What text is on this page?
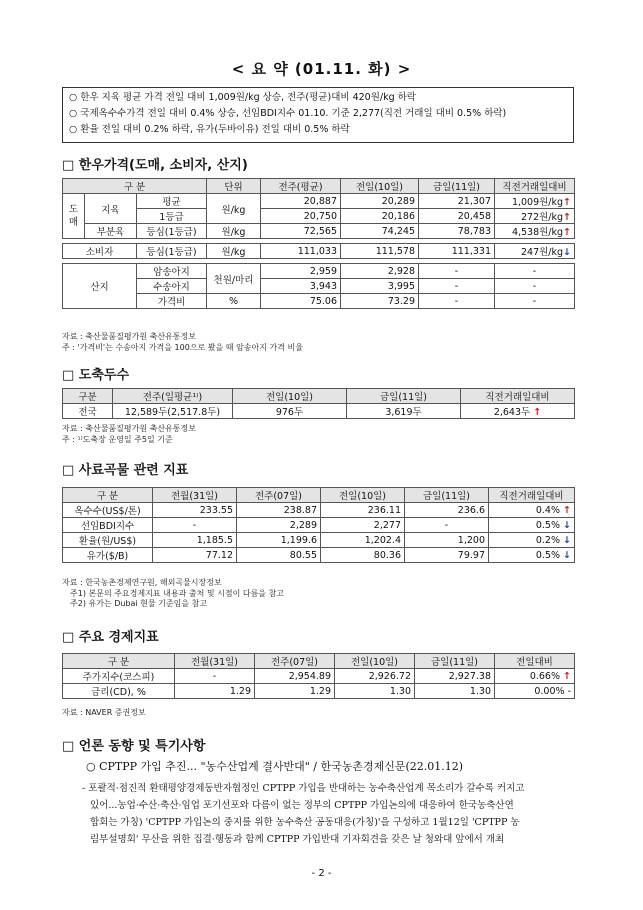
< 요 약 (01.11. 화) >
○ 한우 지육 평균 가격 전일 대비 1,009원/kg 상승, 전주(평균)대비 420원/kg 하락
○ 국제옥수수가격 전일 대비 0.4% 상승, 선임BDI지수 01.10. 기준 2,277(직전 거래일 대비 0.5% 하락)
○ 환율 전일 대비 0.2% 하락, 유가(두바이유) 전일 대비 0.5% 하락
□ 한우가격(도매, 소비자, 산지)
구 분			단위	전주(평균)	전일(10일)	금일(11일)	직전거래일대비
도매	지육	평균	원/kg	20,887	20,289	21,307	1,009원/kg↑
		1등급		20,750	20,186	20,458	272원/kg↑
	부분육	등심(1등급)	원/kg	72,565	74,245	78,783	4,538원/kg↑

소비자		등심(1등급)	원/kg	111,033	111,578	111,331	247원/kg↓

산지		암송아지	천원/마리	2,959	2,928	-	-
		수송아지		3,943	3,995	-	-
		가격비	%	75.06	73.29	-	-
자료 : 축산물품질평가원 축산유통정보
주 : '가격비'는 수송아지 가격을 100으로 봤을 때 암송아지 가격 비율
□ 도축두수
구분	전주(일평균¹⁾)	전일(10일)	금일(11일)	직전거래일대비
전국	12,589두(2,517.8두)	976두	3,619두	2,643두 ↑
자료 : 축산물품질평가원 축산유통정보
주 : ¹⁾도축장 운영일 주5일 기준
□ 사료곡물 관련 지표
구 분	전월(31일)	전주(07일)	전일(10일)	금일(11일)	직전거래일대비
옥수수(US$/톤)	233.55	238.87	236.11	236.6	0.4% ↑
선임BDI지수	-	2,289	2,277	-	0.5% ↓
환율(원/US$)	1,185.5	1,199.6	1,202.4	1,200	0.2% ↓
유가($/B)	77.12	80.55	80.36	79.97	0.5% ↓
자료 : 한국농촌경제연구원, 해외곡물시장정보
주1) 본문의 주요경제지표 내용과 출처 및 시점이 다름을 참고
주2) 유가는 Dubai 현물 기준임을 참고
□ 주요 경제지표
구 분	전월(31일)	전주(07일)	전일(10일)	금일(11일)	전일대비
주가지수(코스피)	-	2,954.89	2,926.72	2,927.38	0.66% ↑
금리(CD), %	1.29	1.29	1.30	1.30	0.00% -
자료 : NAVER 증권정보
□ 언론 동향 및 특기사항
○ CPTPP 가입 추진... "농수산업계 결사반대" / 한국농촌경제신문(22.01.12)
- 포괄적·점진적 환태평양경제동반자협정인 CPTPP 가입을 반대하는 농수축산업계 목소리가 갈수록 커지고
있어...농업·수산·축산·임업 포기선포와 다름이 없는 정부의 CPTPP 가입논의에 대응하여 한국농축산연
합회는 가칭) 'CPTPP 가입논의 중지를 위한 농수축산 공동대응(가칭)'을 구성하고 1월12일 'CPTPP 농
림부설명회' 무산을 위한 집결·행동과 함께 CPTPP 가입반대 기자회견을 갖은 날 청와대 앞에서 개최
- 2 -
